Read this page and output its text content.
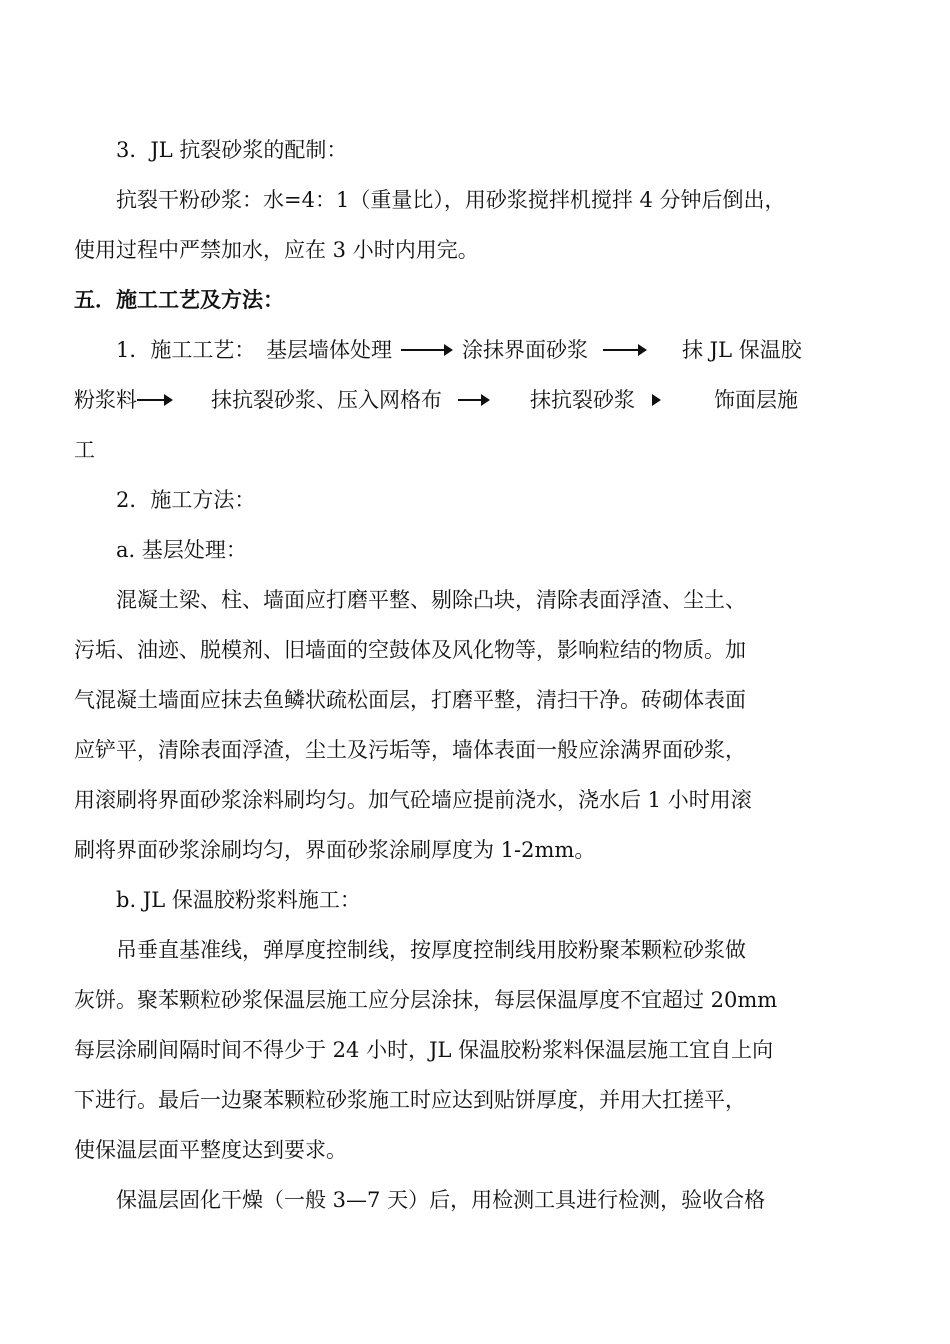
3．JL 抗裂砂浆的配制：
抗裂干粉砂浆：水=4：1（重量比），用砂浆搅拌机搅拌 4 分钟后倒出，
使用过程中严禁加水，应在 3 小时内用完。
五．施工工艺及方法：
1．施工工艺： 基层墙体处理	涂抹界面砂浆	抹 JL 保温胶
粉浆料	抹抗裂砂浆、压入网格布	抹抗裂砂浆	饰面层施
工
2．施工方法：
a. 基层处理：
混凝土梁、柱、墙面应打磨平整、剔除凸块，清除表面浮渣、尘土、
污垢、油迹、脱模剂、旧墙面的空鼓体及风化物等，影响粒结的物质。加
气混凝土墙面应抹去鱼鳞状疏松面层，打磨平整，清扫干净。砖砌体表面
应铲平，清除表面浮渣，尘土及污垢等，墙体表面一般应涂满界面砂浆，
用滚刷将界面砂浆涂料刷均匀。加气砼墙应提前浇水，浇水后 1 小时用滚
刷将界面砂浆涂刷均匀，界面砂浆涂刷厚度为 1-2mm。
b. JL 保温胶粉浆料施工：
吊垂直基准线，弹厚度控制线，按厚度控制线用胶粉聚苯颗粒砂浆做
灰饼。聚苯颗粒砂浆保温层施工应分层涂抹，每层保温厚度不宜超过 20mm
每层涂刷间隔时间不得少于 24 小时，JL 保温胶粉浆料保温层施工宜自上向
下进行。最后一边聚苯颗粒砂浆施工时应达到贴饼厚度，并用大扛搓平，
使保温层面平整度达到要求。
保温层固化干燥（一般 3—7 天）后，用检测工具进行检测，验收合格
